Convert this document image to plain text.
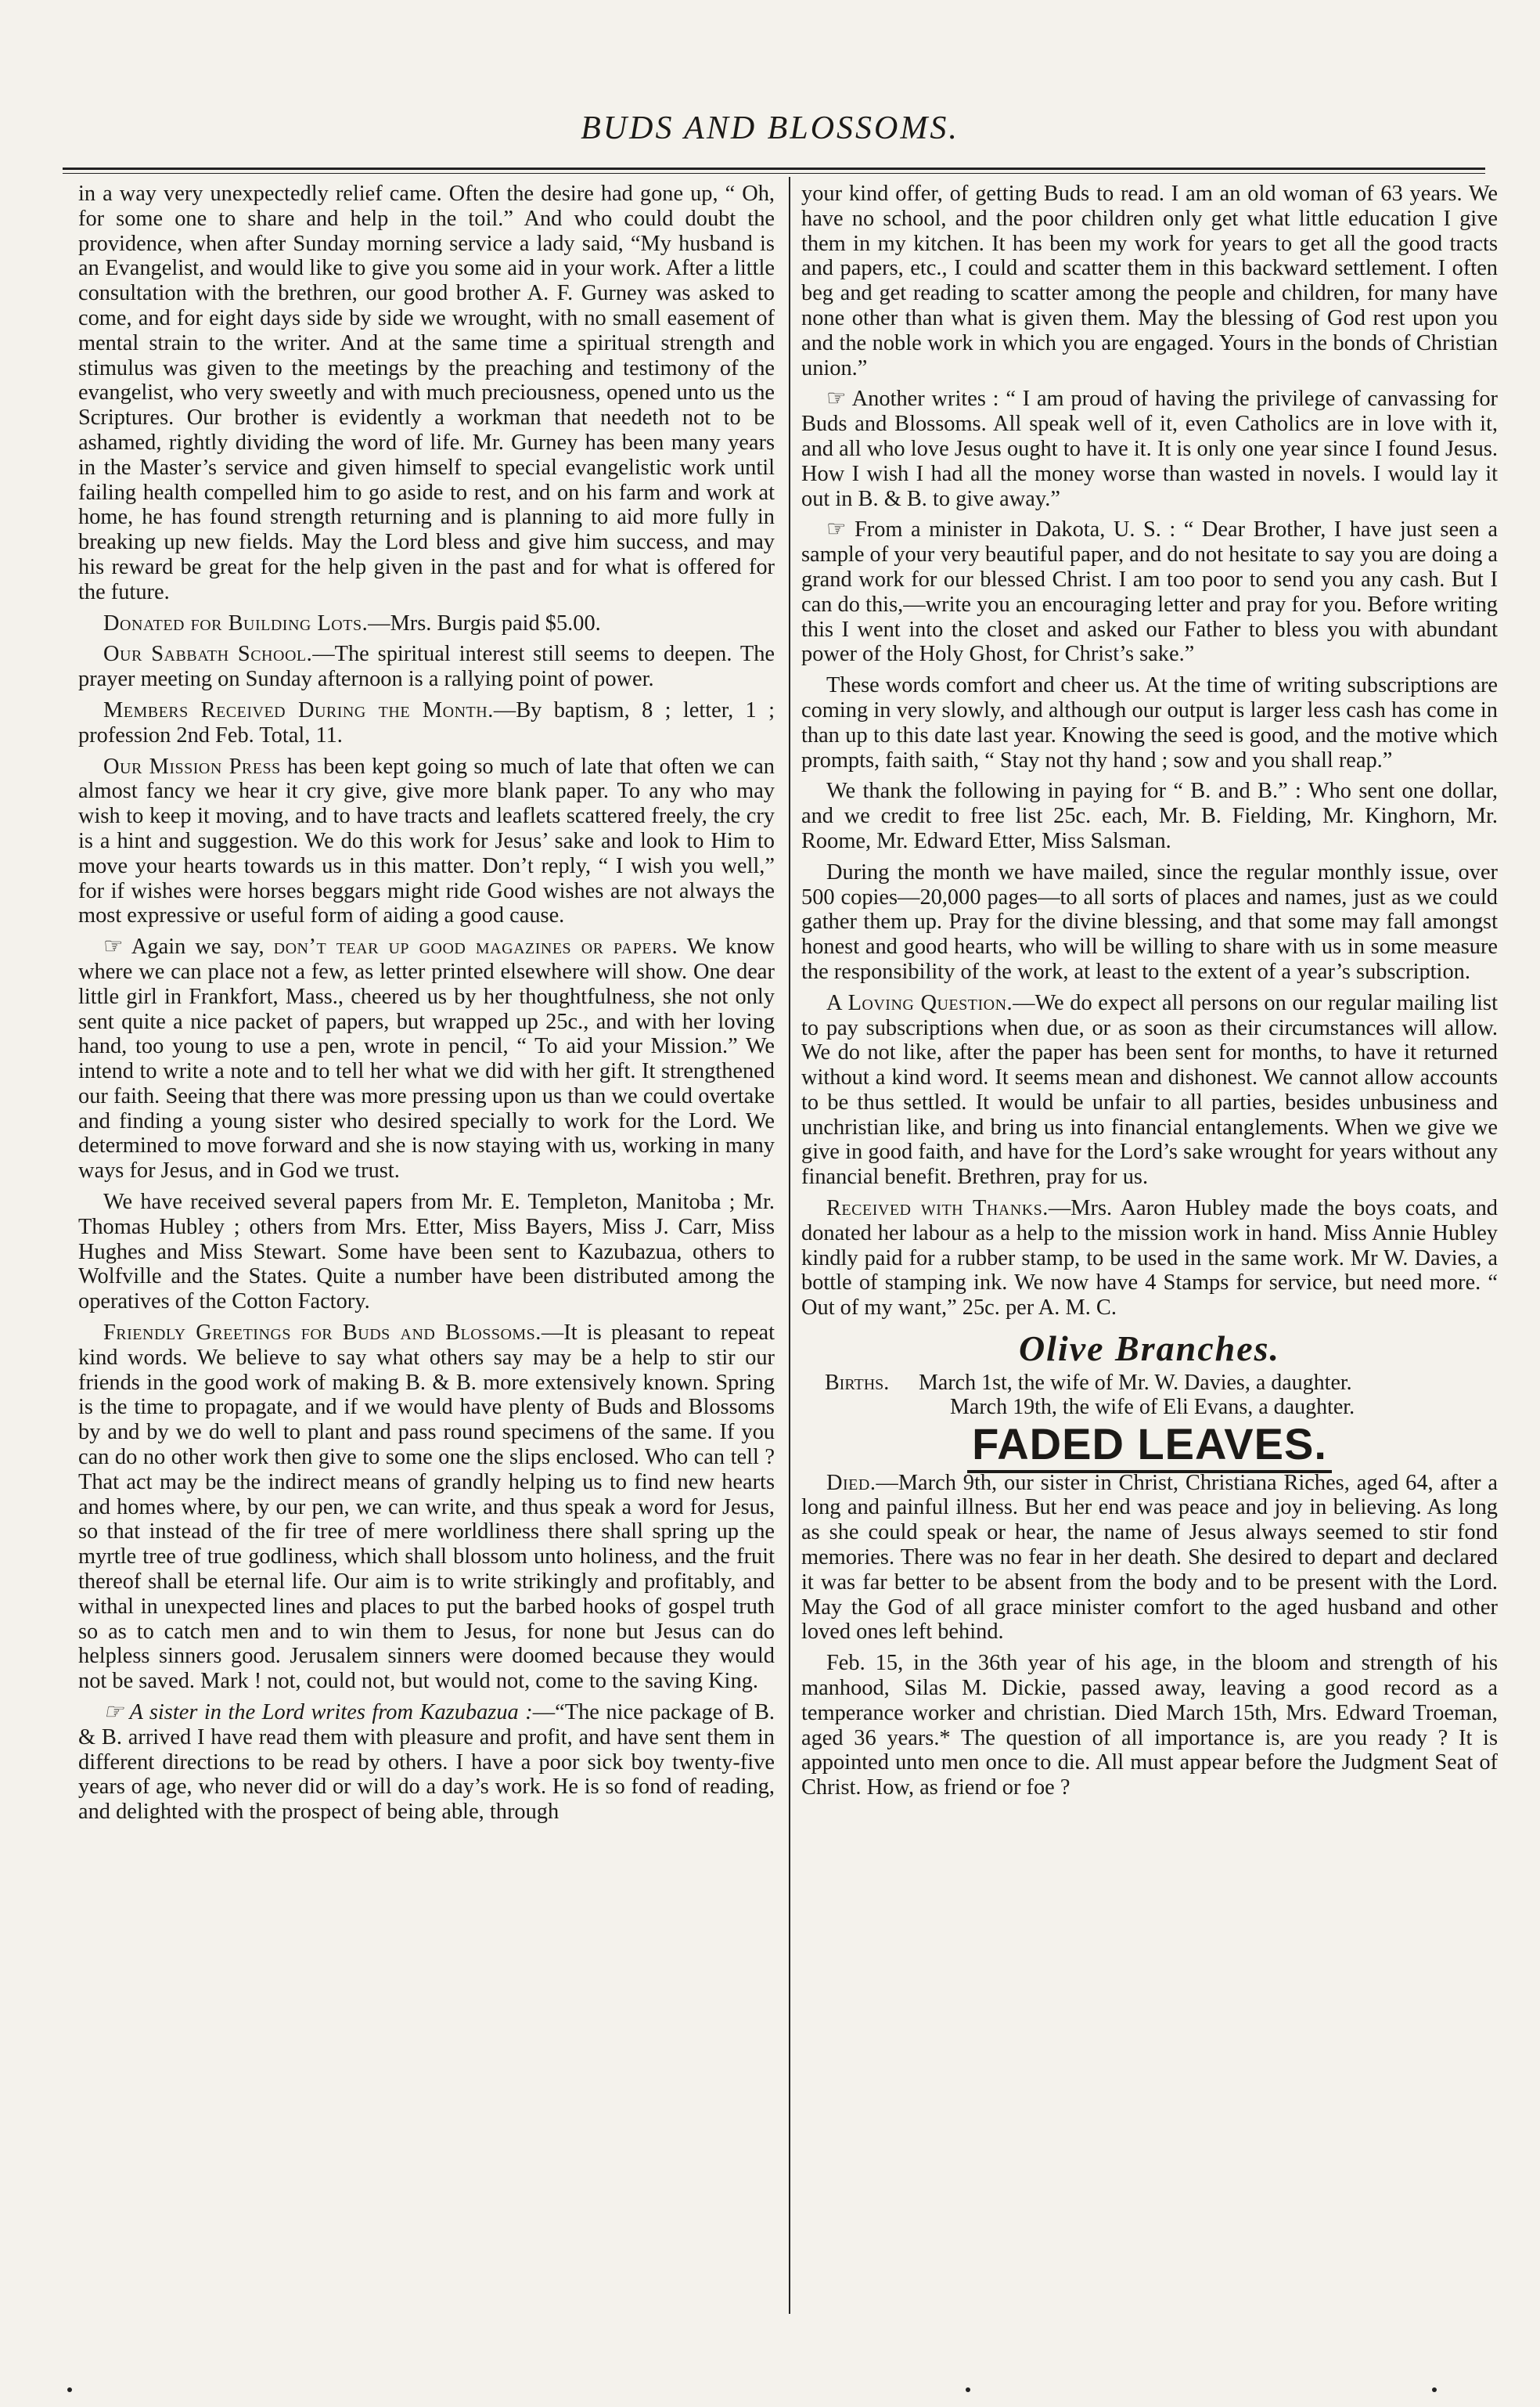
BUDS AND BLOSSOMS.

in a way very unexpectedly relief came. Often the desire had gone up, “ Oh, for some one to share and help in the toil.” And who could doubt the providence, when after Sunday morning service a lady said, “My husband is an Evangelist, and would like to give you some aid in your work. After a little consultation with the brethren, our good brother A. F. Gurney was asked to come, and for eight days side by side we wrought, with no small easement of mental strain to the writer. And at the same time a spiritual strength and stimulus was given to the meetings by the preaching and testimony of the evangelist, who very sweetly and with much preciousness, opened unto us the Scriptures. Our brother is evidently a workman that needeth not to be ashamed, rightly dividing the word of life. Mr. Gurney has been many years in the Master’s service and given himself to special evangelistic work until failing health compelled him to go aside to rest, and on his farm and work at home, he has found strength returning and is planning to aid more fully in breaking up new fields. May the Lord bless and give him success, and may his reward be great for the help given in the past and for what is offered for the future.

Donated for Building Lots.—Mrs. Burgis paid $5.00.

Our Sabbath School.—The spiritual interest still seems to deepen. The prayer meeting on Sunday afternoon is a rallying point of power.

Members Received During the Month.—By baptism, 8 ; letter, 1 ; profession 2nd Feb. Total, 11.

Our Mission Press has been kept going so much of late that often we can almost fancy we hear it cry give, give more blank paper. To any who may wish to keep it moving, and to have tracts and leaflets scattered freely, the cry is a hint and suggestion. We do this work for Jesus’ sake and look to Him to move your hearts towards us in this matter. Don’t reply, “ I wish you well,” for if wishes were horses beggars might ride Good wishes are not always the most expressive or useful form of aiding a good cause.

☞ Again we say, don’t tear up good magazines or papers. We know where we can place not a few, as letter printed elsewhere will show. One dear little girl in Frankfort, Mass., cheered us by her thoughtfulness, she not only sent quite a nice packet of papers, but wrapped up 25c., and with her loving hand, too young to use a pen, wrote in pencil, “ To aid your Mission.” We intend to write a note and to tell her what we did with her gift. It strengthened our faith. Seeing that there was more pressing upon us than we could overtake and finding a young sister who desired specially to work for the Lord. We determined to move forward and she is now staying with us, working in many ways for Jesus, and in God we trust.

We have received several papers from Mr. E. Templeton, Manitoba ; Mr. Thomas Hubley ; others from Mrs. Etter, Miss Bayers, Miss J. Carr, Miss Hughes and Miss Stewart. Some have been sent to Kazubazua, others to Wolfville and the States. Quite a number have been distributed among the operatives of the Cotton Factory.

Friendly Greetings for Buds and Blossoms.—It is pleasant to repeat kind words. We believe to say what others say may be a help to stir our friends in the good work of making B. & B. more extensively known. Spring is the time to propagate, and if we would have plenty of Buds and Blossoms by and by we do well to plant and pass round specimens of the same. If you can do no other work then give to some one the slips enclosed. Who can tell ? That act may be the indirect means of grandly helping us to find new hearts and homes where, by our pen, we can write, and thus speak a word for Jesus, so that instead of the fir tree of mere worldliness there shall spring up the myrtle tree of true godliness, which shall blossom unto holiness, and the fruit thereof shall be eternal life. Our aim is to write strikingly and profitably, and withal in unexpected lines and places to put the barbed hooks of gospel truth so as to catch men and to win them to Jesus, for none but Jesus can do helpless sinners good. Jerusalem sinners were doomed because they would not be saved. Mark ! not, could not, but would not, come to the saving King.

☞ A sister in the Lord writes from Kazubazua :—“The nice package of B. & B. arrived I have read them with pleasure and profit, and have sent them in different directions to be read by others. I have a poor sick boy twenty-five years of age, who never did or will do a day’s work. He is so fond of reading, and delighted with the prospect of being able, through

your kind offer, of getting Buds to read. I am an old woman of 63 years. We have no school, and the poor children only get what little education I give them in my kitchen. It has been my work for years to get all the good tracts and papers, etc., I could and scatter them in this backward settlement. I often beg and get reading to scatter among the people and children, for many have none other than what is given them. May the blessing of God rest upon you and the noble work in which you are engaged. Yours in the bonds of Christian union.”

☞ Another writes : “ I am proud of having the privilege of canvassing for Buds and Blossoms. All speak well of it, even Catholics are in love with it, and all who love Jesus ought to have it. It is only one year since I found Jesus. How I wish I had all the money worse than wasted in novels. I would lay it out in B. & B. to give away.”

☞ From a minister in Dakota, U. S. : “ Dear Brother, I have just seen a sample of your very beautiful paper, and do not hesitate to say you are doing a grand work for our blessed Christ. I am too poor to send you any cash. But I can do this,—write you an encouraging letter and pray for you. Before writing this I went into the closet and asked our Father to bless you with abundant power of the Holy Ghost, for Christ’s sake.”

These words comfort and cheer us. At the time of writing subscriptions are coming in very slowly, and although our output is larger less cash has come in than up to this date last year. Knowing the seed is good, and the motive which prompts, faith saith, “ Stay not thy hand ; sow and you shall reap.”

We thank the following in paying for “ B. and B.” : Who sent one dollar, and we credit to free list 25c. each, Mr. B. Fielding, Mr. Kinghorn, Mr. Roome, Mr. Edward Etter, Miss Salsman.

During the month we have mailed, since the regular monthly issue, over 500 copies—20,000 pages—to all sorts of places and names, just as we could gather them up. Pray for the divine blessing, and that some may fall amongst honest and good hearts, who will be willing to share with us in some measure the responsibility of the work, at least to the extent of a year’s subscription.

A Loving Question.—We do expect all persons on our regular mailing list to pay subscriptions when due, or as soon as their circumstances will allow. We do not like, after the paper has been sent for months, to have it returned without a kind word. It seems mean and dishonest. We cannot allow accounts to be thus settled. It would be unfair to all parties, besides unbusiness and unchristian like, and bring us into financial entanglements. When we give we give in good faith, and have for the Lord’s sake wrought for years without any financial benefit. Brethren, pray for us.

Received with Thanks.—Mrs. Aaron Hubley made the boys coats, and donated her labour as a help to the mission work in hand. Miss Annie Hubley kindly paid for a rubber stamp, to be used in the same work. Mr W. Davies, a bottle of stamping ink. We now have 4 Stamps for service, but need more. “ Out of my want,” 25c. per A. M. C.

Olive Branches.
Births. March 1st, the wife of Mr. W. Davies, a daughter.
March 19th, the wife of Eli Evans, a daughter.
FADED LEAVES.

Died.—March 9th, our sister in Christ, Christiana Riches, aged 64, after a long and painful illness. But her end was peace and joy in believing. As long as she could speak or hear, the name of Jesus always seemed to stir fond memories. There was no fear in her death. She desired to depart and declared it was far better to be absent from the body and to be present with the Lord. May the God of all grace minister comfort to the aged husband and other loved ones left behind.

Feb. 15, in the 36th year of his age, in the bloom and strength of his manhood, Silas M. Dickie, passed away, leaving a good record as a temperance worker and christian. Died March 15th, Mrs. Edward Troeman, aged 36 years.* The question of all importance is, are you ready ? It is appointed unto men once to die. All must appear before the Judgment Seat of Christ. How, as friend or foe ?
